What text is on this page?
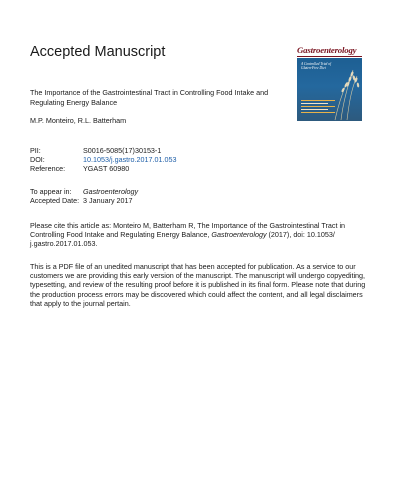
Accepted Manuscript

The Importance of the Gastrointestinal Tract in Controlling Food Intake and Regulating Energy Balance

M.P. Monteiro, R.L. Batterham

PII:	S0016-5085(17)30153-1
DOI:	10.1053/j.gastro.2017.01.053
Reference:	YGAST 60980
To appear in:	Gastroenterology
Accepted Date: 3 January 2017

Please cite this article as: Monteiro M, Batterham R, The Importance of the Gastrointestinal Tract in Controlling Food Intake and Regulating Energy Balance, Gastroenterology (2017), doi: 10.1053/ j.gastro.2017.01.053.

This is a PDF file of an unedited manuscript that has been accepted for publication. As a service to our customers we are providing this early version of the manuscript. The manuscript will undergo copyediting, typesetting, and review of the resulting proof before it is published in its final form. Please note that during the production process errors may be discovered which could affect the content, and all legal disclaimers that apply to the journal pertain.

Gastroenterology
A Controlled Trial of Gluten-Free Diet
